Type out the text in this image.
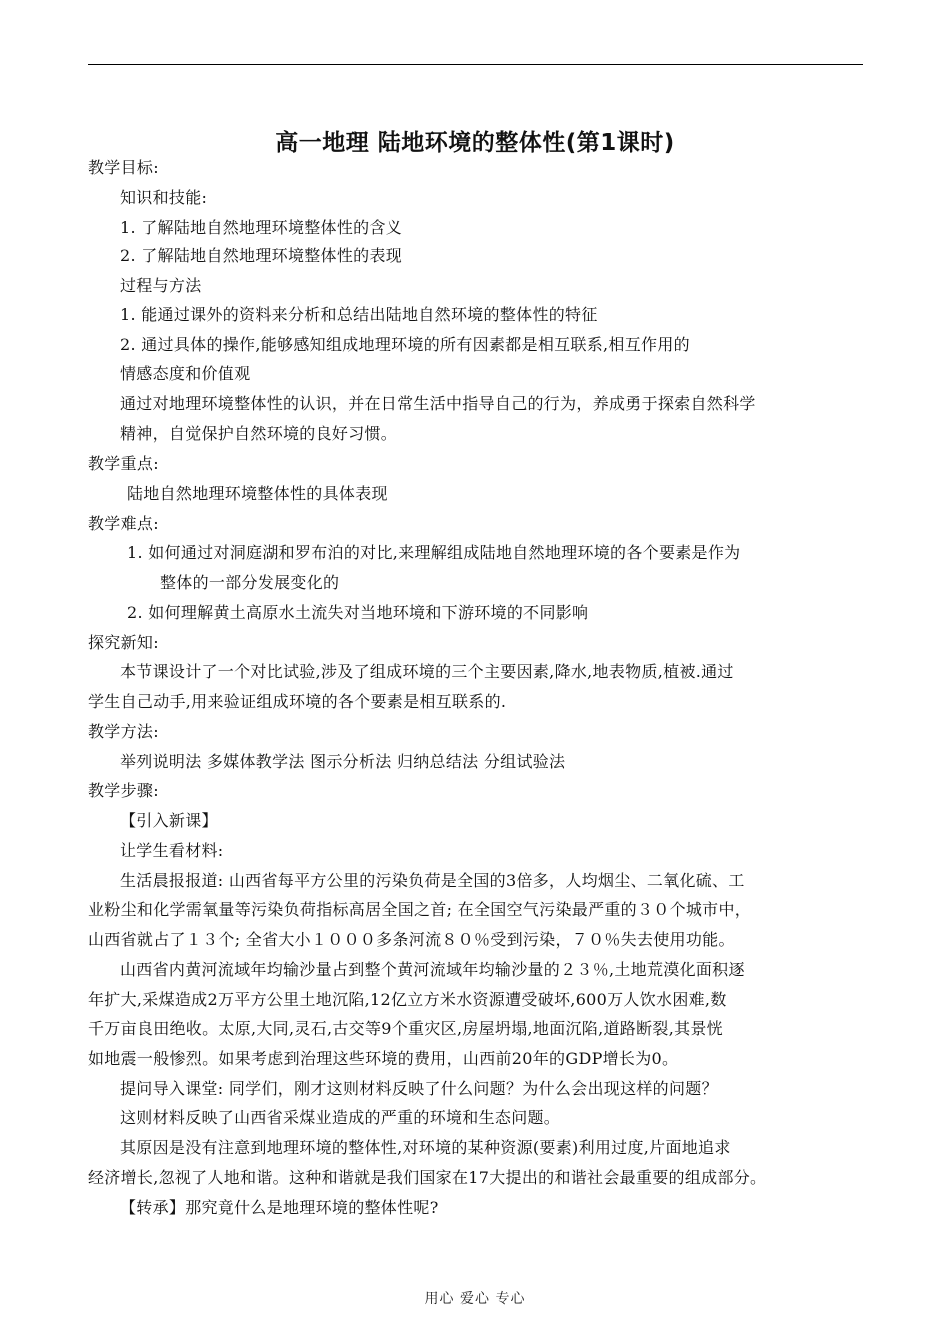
高一地理 陆地环境的整体性(第1课时)
教学目标:
知识和技能:
1. 了解陆地自然地理环境整体性的含义
2. 了解陆地自然地理环境整体性的表现
过程与方法
1. 能通过课外的资料来分析和总结出陆地自然环境的整体性的特征
2. 通过具体的操作,能够感知组成地理环境的所有因素都是相互联系,相互作用的
情感态度和价值观
通过对地理环境整体性的认识，并在日常生活中指导自己的行为，养成勇于探索自然科学
精神，自觉保护自然环境的良好习惯。
教学重点:
陆地自然地理环境整体性的具体表现
教学难点:
1. 如何通过对洞庭湖和罗布泊的对比,来理解组成陆地自然地理环境的各个要素是作为
整体的一部分发展变化的
2. 如何理解黄土高原水土流失对当地环境和下游环境的不同影响
探究新知:
本节课设计了一个对比试验,涉及了组成环境的三个主要因素,降水,地表物质,植被.通过
学生自己动手,用来验证组成环境的各个要素是相互联系的.
教学方法:
举列说明法 多媒体教学法 图示分析法 归纳总结法 分组试验法
教学步骤:
【引入新课】
让学生看材料:
生活晨报报道: 山西省每平方公里的污染负荷是全国的3倍多，人均烟尘、二氧化硫、工
业粉尘和化学需氧量等污染负荷指标高居全国之首; 在全国空气污染最严重的３０个城市中，
山西省就占了１３个; 全省大小１０００多条河流８０％受到污染，７０％失去使用功能。
山西省内黄河流域年均输沙量占到整个黄河流域年均输沙量的２３％,土地荒漠化面积逐
年扩大,采煤造成2万平方公里土地沉陷,12亿立方米水资源遭受破坏,600万人饮水困难,数
千万亩良田绝收。太原,大同,灵石,古交等9个重灾区,房屋坍塌,地面沉陷,道路断裂,其景恍
如地震一般惨烈。如果考虑到治理这些环境的费用，山西前20年的GDP增长为0。
提问导入课堂: 同学们，刚才这则材料反映了什么问题？为什么会出现这样的问题？
这则材料反映了山西省采煤业造成的严重的环境和生态问题。
其原因是没有注意到地理环境的整体性,对环境的某种资源(要素)利用过度,片面地追求
经济增长,忽视了人地和谐。这种和谐就是我们国家在17大提出的和谐社会最重要的组成部分。
【转承】那究竟什么是地理环境的整体性呢?
用心 爱心 专心
